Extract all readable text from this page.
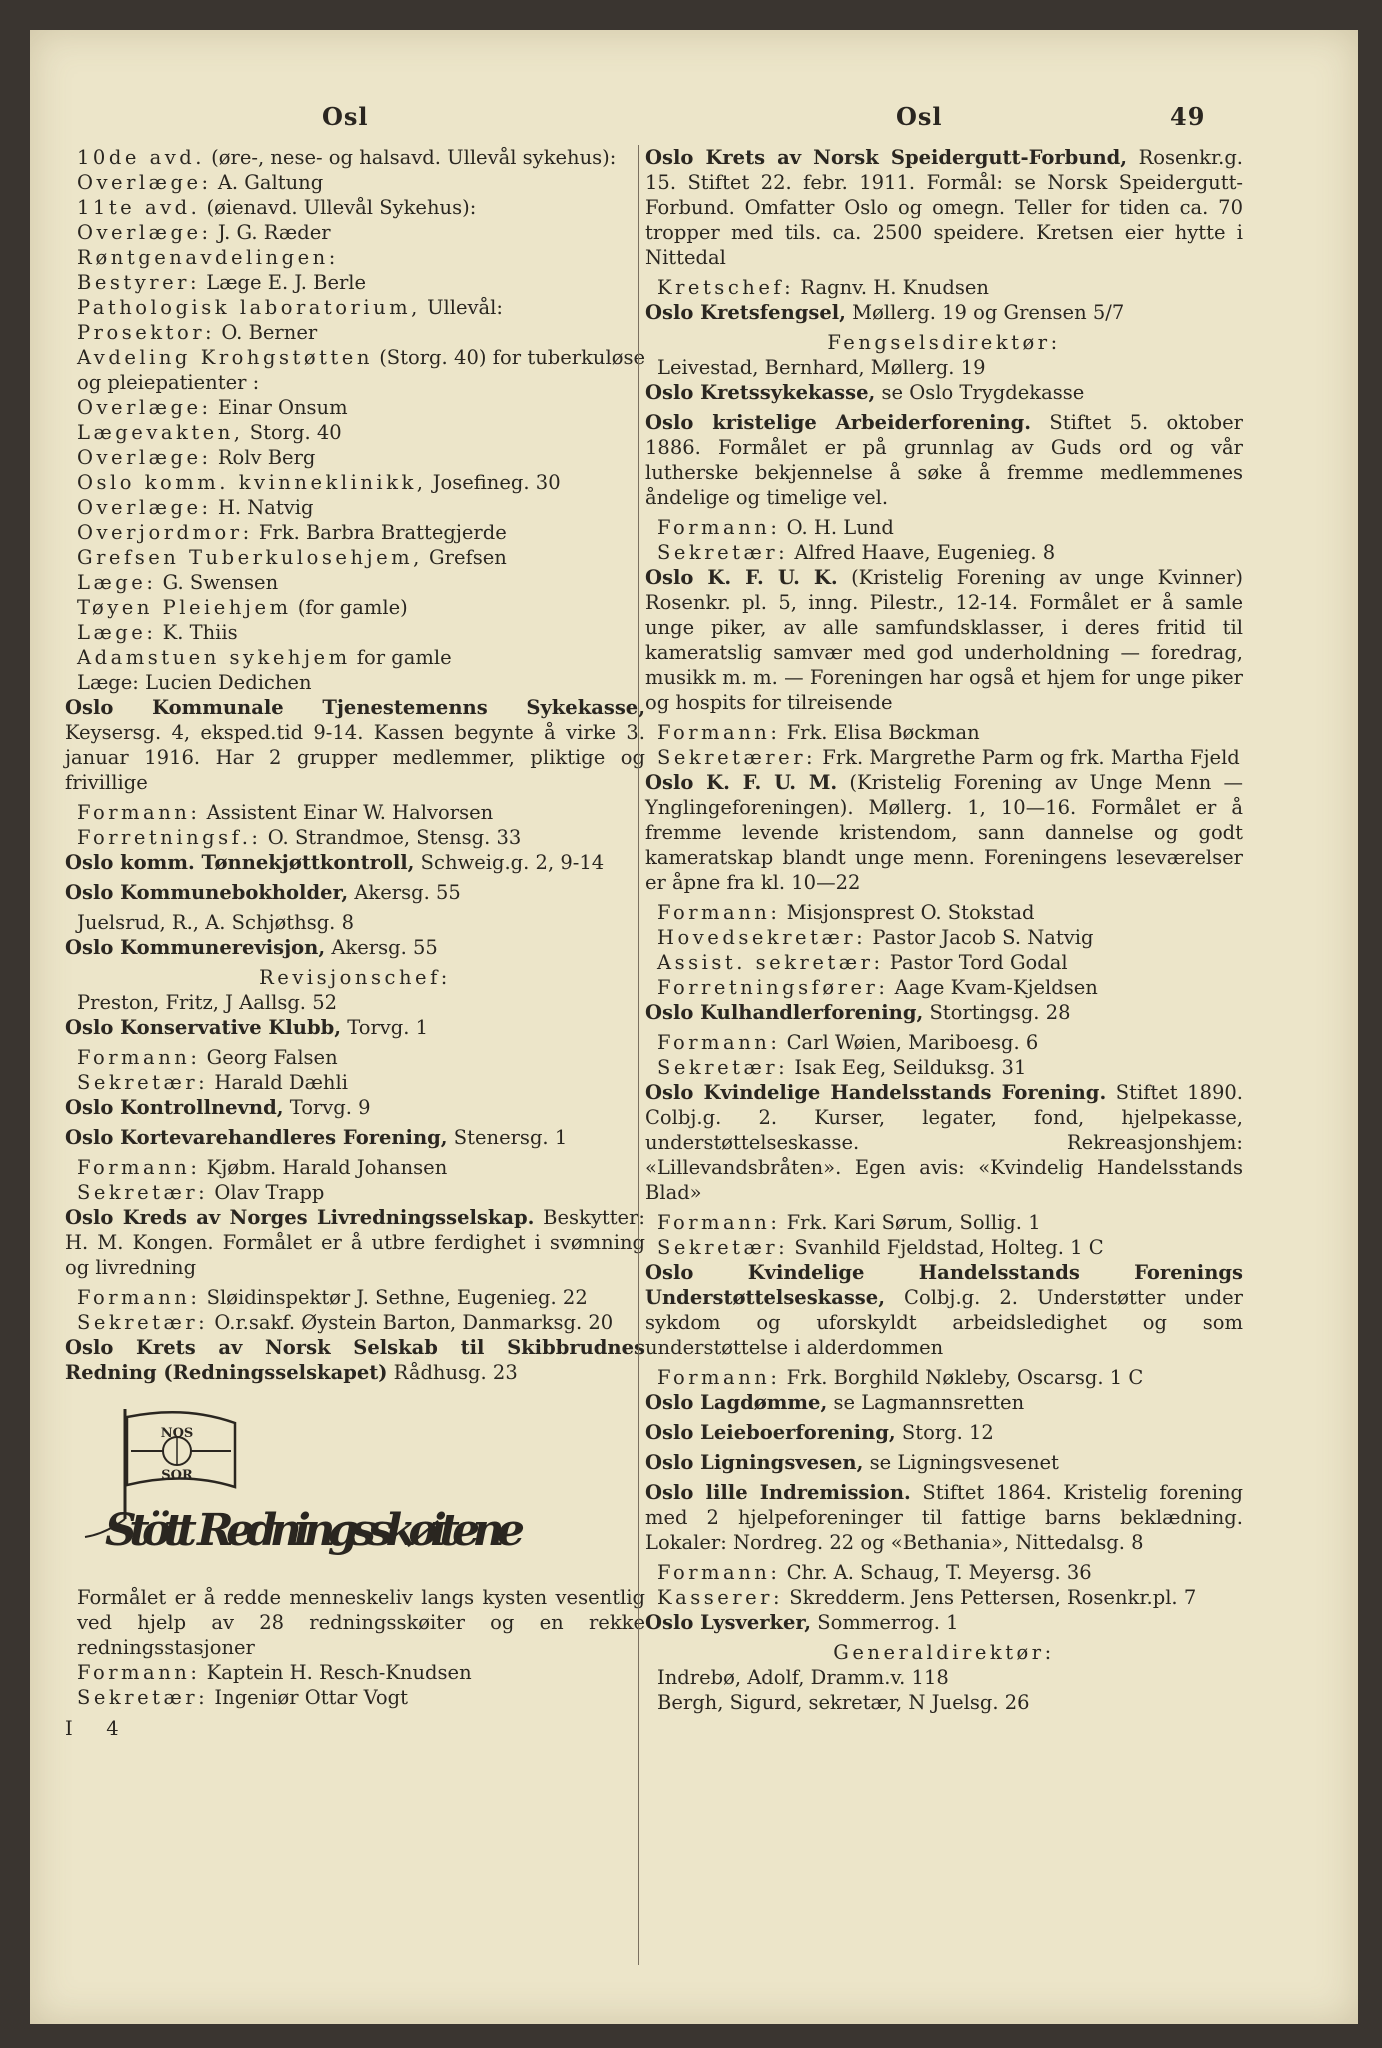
Osl	Osl	49

10de avd. (øre-, nese- og halsavd. Ullevål sykehus):

Overlæge: A. Galtung

11te avd. (øienavd. Ullevål Sykehus):

Overlæge: J. G. Ræder

Røntgenavdelingen:

Bestyrer: Læge E. J. Berle

Pathologisk laboratorium, Ullevål:

Prosektor: O. Berner

Avdeling Krohgstøtten (Storg. 40) for tuberkuløse og pleiepatienter :

Overlæge: Einar Onsum

Lægevakten, Storg. 40

Overlæge: Rolv Berg

Oslo komm. kvinneklinikk, Josefineg. 30

Overlæge: H. Natvig

Overjordmor: Frk. Barbra Brattegjerde

Grefsen Tuberkulosehjem, Grefsen

Læge: G. Swensen

Tøyen Pleiehjem (for gamle)

Læge: K. Thiis

Adamstuen sykehjem for gamle

Læge: Lucien Dedichen

Oslo Kommunale Tjenestemenns Sykekasse, Keysersg. 4, eksped.tid 9-14. Kassen begynte å virke 3. januar 1916. Har 2 grupper medlemmer, pliktige og frivillige

Formann: Assistent Einar W. Halvorsen

Forretningsf.: O. Strandmoe, Stensg. 33

Oslo komm. Tønnekjøttkontroll, Schweig.g. 2, 9-14

Oslo Kommunebokholder, Akersg. 55

Juelsrud, R., A. Schjøthsg. 8

Oslo Kommunerevisjon, Akersg. 55

Revisjonschef:

Preston, Fritz, J Aallsg. 52

Oslo Konservative Klubb, Torvg. 1

Formann: Georg Falsen

Sekretær: Harald Dæhli

Oslo Kontrollnevnd, Torvg. 9

Oslo Kortevarehandleres Forening, Stenersg. 1

Formann: Kjøbm. Harald Johansen

Sekretær: Olav Trapp

Oslo Kreds av Norges Livredningsselskap. Beskytter: H. M. Kongen. Formålet er å utbre ferdighet i svømning og livredning

Formann: Sløidinspektør J. Sethne, Eugenieg. 22

Sekretær: O.r.sakf. Øystein Barton, Danmarksg. 20

Oslo Krets av Norsk Selskab til Skibbrudnes Redning (Redningsselskapet) Rådhusg. 23

NOS
SOR
Stött Redningsskøitene

Formålet er å redde menneskeliv langs kysten vesentlig ved hjelp av 28 redningsskøiter og en rekke redningsstasjoner

Formann: Kaptein H. Resch-Knudsen

Sekretær: Ingeniør Ottar Vogt

I 4

Oslo Krets av Norsk Speidergutt-Forbund, Rosenkr.g. 15. Stiftet 22. febr. 1911. Formål: se Norsk Speidergutt-Forbund. Omfatter Oslo og omegn. Teller for tiden ca. 70 tropper med tils. ca. 2500 speidere. Kretsen eier hytte i Nittedal

Kretschef: Ragnv. H. Knudsen

Oslo Kretsfengsel, Møllerg. 19 og Grensen 5/7

Fengselsdirektør:

Leivestad, Bernhard, Møllerg. 19

Oslo Kretssykekasse, se Oslo Trygdekasse

Oslo kristelige Arbeiderforening. Stiftet 5. oktober 1886. Formålet er på grunnlag av Guds ord og vår lutherske bekjennelse å søke å fremme medlemmenes åndelige og timelige vel.

Formann: O. H. Lund

Sekretær: Alfred Haave, Eugenieg. 8

Oslo K. F. U. K. (Kristelig Forening av unge Kvinner) Rosenkr. pl. 5, inng. Pilestr., 12-14. Formålet er å samle unge piker, av alle samfundsklasser, i deres fritid til kameratslig samvær med god underholdning — foredrag, musikk m. m. — Foreningen har også et hjem for unge piker og hospits for tilreisende

Formann: Frk. Elisa Bøckman

Sekretærer: Frk. Margrethe Parm og frk. Martha Fjeld

Oslo K. F. U. M. (Kristelig Forening av Unge Menn — Ynglingeforeningen). Møllerg. 1, 10—16. Formålet er å fremme levende kristendom, sann dannelse og godt kameratskap blandt unge menn. Foreningens leseværelser er åpne fra kl. 10—22

Formann: Misjonsprest O. Stokstad

Hovedsekretær: Pastor Jacob S. Natvig

Assist. sekretær: Pastor Tord Godal

Forretningsfører: Aage Kvam-Kjeldsen

Oslo Kulhandlerforening, Stortingsg. 28

Formann: Carl Wøien, Mariboesg. 6

Sekretær: Isak Eeg, Seilduksg. 31

Oslo Kvindelige Handelsstands Forening. Stiftet 1890. Colbj.g. 2. Kurser, legater, fond, hjelpekasse, understøttelseskasse. Rekreasjonshjem: «Lillevandsbråten». Egen avis: «Kvindelig Handelsstands Blad»

Formann: Frk. Kari Sørum, Sollig. 1

Sekretær: Svanhild Fjeldstad, Holteg. 1 C

Oslo Kvindelige Handelsstands Forenings Understøttelseskasse, Colbj.g. 2. Understøtter under sykdom og uforskyldt arbeidsledighet og som understøttelse i alderdommen

Formann: Frk. Borghild Nøkleby, Oscarsg. 1 C

Oslo Lagdømme, se Lagmannsretten

Oslo Leieboerforening, Storg. 12

Oslo Ligningsvesen, se Ligningsvesenet

Oslo lille Indremission. Stiftet 1864. Kristelig forening med 2 hjelpeforeninger til fattige barns beklædning. Lokaler: Nordreg. 22 og «Bethania», Nittedalsg. 8

Formann: Chr. A. Schaug, T. Meyersg. 36

Kasserer: Skredderm. Jens Pettersen, Rosenkr.pl. 7

Oslo Lysverker, Sommerrog. 1

Generaldirektør:

Indrebø, Adolf, Dramm.v. 118

Bergh, Sigurd, sekretær, N Juelsg. 26
